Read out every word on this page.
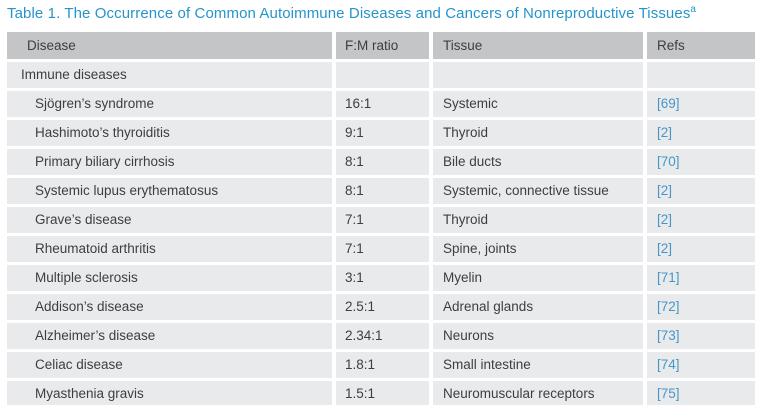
Table 1. The Occurrence of Common Autoimmune Diseases and Cancers of Nonreproductive Tissues$^a$
Disease	F:M ratio	Tissue	Refs
Immune diseases			
Sjögren’s syndrome	16:1	Systemic	[69]
Hashimoto’s thyroiditis	9:1	Thyroid	[2]
Primary biliary cirrhosis	8:1	Bile ducts	[70]
Systemic lupus erythematosus	8:1	Systemic, connective tissue	[2]
Grave’s disease	7:1	Thyroid	[2]
Rheumatoid arthritis	7:1	Spine, joints	[2]
Multiple sclerosis	3:1	Myelin	[71]
Addison’s disease	2.5:1	Adrenal glands	[72]
Alzheimer’s disease	2.34:1	Neurons	[73]
Celiac disease	1.8:1	Small intestine	[74]
Myasthenia gravis	1.5:1	Neuromuscular receptors	[75]
